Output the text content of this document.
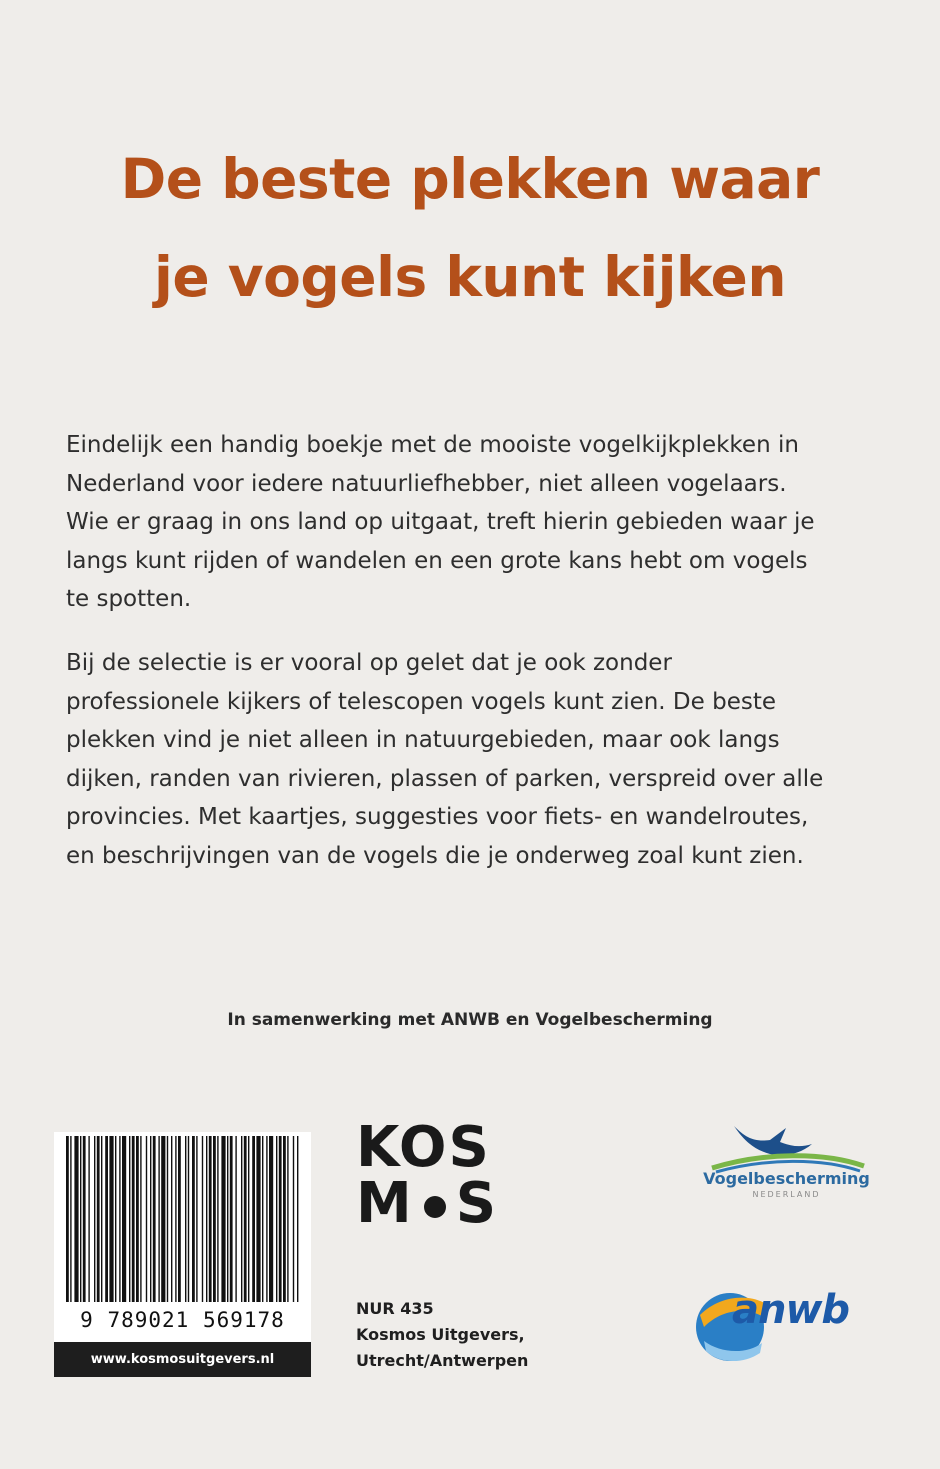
De beste plekken waar
je vogels kunt kijken
Eindelijk een handig boekje met de mooiste vogelkijkplekken in
Nederland voor iedere natuurliefhebber, niet alleen vogelaars.
Wie er graag in ons land op uitgaat, treft hierin gebieden waar je
langs kunt rijden of wandelen en een grote kans hebt om vogels
te spotten.
Bij de selectie is er vooral op gelet dat je ook zonder
professionele kijkers of telescopen vogels kunt zien. De beste
plekken vind je niet alleen in natuurgebieden, maar ook langs
dijken, randen van rivieren, plassen of parken, verspreid over alle
provincies. Met kaartjes, suggesties voor fiets- en wandelroutes,
en beschrijvingen van de vogels die je onderweg zoal kunt zien.
In samenwerking met ANWB en Vogelbescherming
9 789021 569178
www.kosmosuitgevers.nl
KOS
M S
NUR 435
Kosmos Uitgevers,
Utrecht/Antwerpen
Vogelbescherming
NEDERLAND
anwb
